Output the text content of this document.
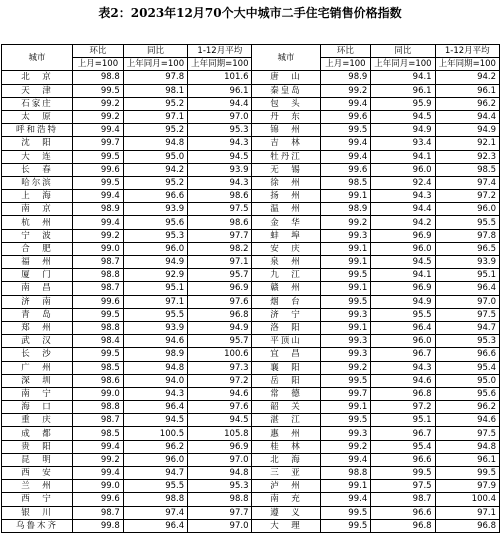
表2：2023年12月70个大中城市二手住宅销售价格指数
城市	环比	同比	1-12月平均	城市	环比	同比	1-12月平均
	上月=100	上年同月=100	上年同期=100		上月=100	上年同月=100	上年同期=100
北　京	98.8	97.8	101.6	唐　山	98.9	94.1	94.2
天　津	99.5	98.1	96.1	秦皇岛	99.2	96.1	96.1
石家庄	99.2	95.2	94.4	包　头	99.4	95.9	96.2
太　原	99.2	97.1	97.0	丹　东	99.6	94.5	94.4
呼和浩特	99.4	95.2	95.3	锦　州	99.5	94.9	94.9
沈　阳	99.7	94.8	94.3	吉　林	99.4	93.4	92.1
大　连	99.5	95.0	94.5	牡丹江	99.4	94.1	92.3
长　春	99.6	94.2	93.9	无　锡	99.6	96.0	98.5
哈尔滨	99.5	95.2	94.3	徐　州	98.5	92.4	97.4
上　海	99.4	96.6	98.6	扬　州	99.1	94.3	97.2
南　京	98.9	93.9	97.5	温　州	98.9	94.4	96.0
杭　州	99.4	95.6	98.6	金　华	99.2	94.2	95.5
宁　波	99.2	95.3	97.7	蚌　埠	99.3	96.9	97.8
合　肥	99.0	96.0	98.2	安　庆	99.1	96.0	96.5
福　州	98.7	94.9	97.1	泉　州	99.1	94.5	93.9
厦　门	98.8	92.9	95.7	九　江	99.5	94.1	95.1
南　昌	98.7	95.1	96.9	赣　州	99.1	96.9	96.4
济　南	99.6	97.1	97.6	烟　台	99.5	94.9	97.0
青　岛	99.5	95.5	96.8	济　宁	99.3	95.5	97.5
郑　州	98.8	93.9	94.9	洛　阳	99.1	96.4	94.7
武　汉	98.4	94.6	95.7	平顶山	99.3	96.0	95.3
长　沙	99.5	98.9	100.6	宜　昌	99.3	96.7	96.6
广　州	98.5	94.8	97.3	襄　阳	99.2	94.3	95.4
深　圳	98.6	94.0	97.2	岳　阳	99.5	94.6	95.0
南　宁	99.0	94.3	94.6	常　德	99.7	96.8	95.6
海　口	98.8	96.4	97.6	韶　关	99.1	97.2	96.2
重　庆	98.7	94.5	94.5	湛　江	99.5	95.1	94.6
成　都	98.5	100.5	105.8	惠　州	99.3	96.7	97.5
贵　阳	99.4	96.2	96.9	桂　林	99.2	95.4	94.8
昆　明	99.2	96.0	97.0	北　海	99.4	96.6	96.1
西　安	99.4	94.7	94.8	三　亚	98.8	99.5	99.5
兰　州	99.0	95.5	95.3	泸　州	99.1	97.5	97.9
西　宁	99.6	98.8	98.8	南　充	99.4	98.7	100.4
银　川	98.7	97.4	97.7	遵　义	99.5	96.6	97.1
乌鲁木齐	99.8	96.4	97.0	大　理	99.5	96.8	96.8
